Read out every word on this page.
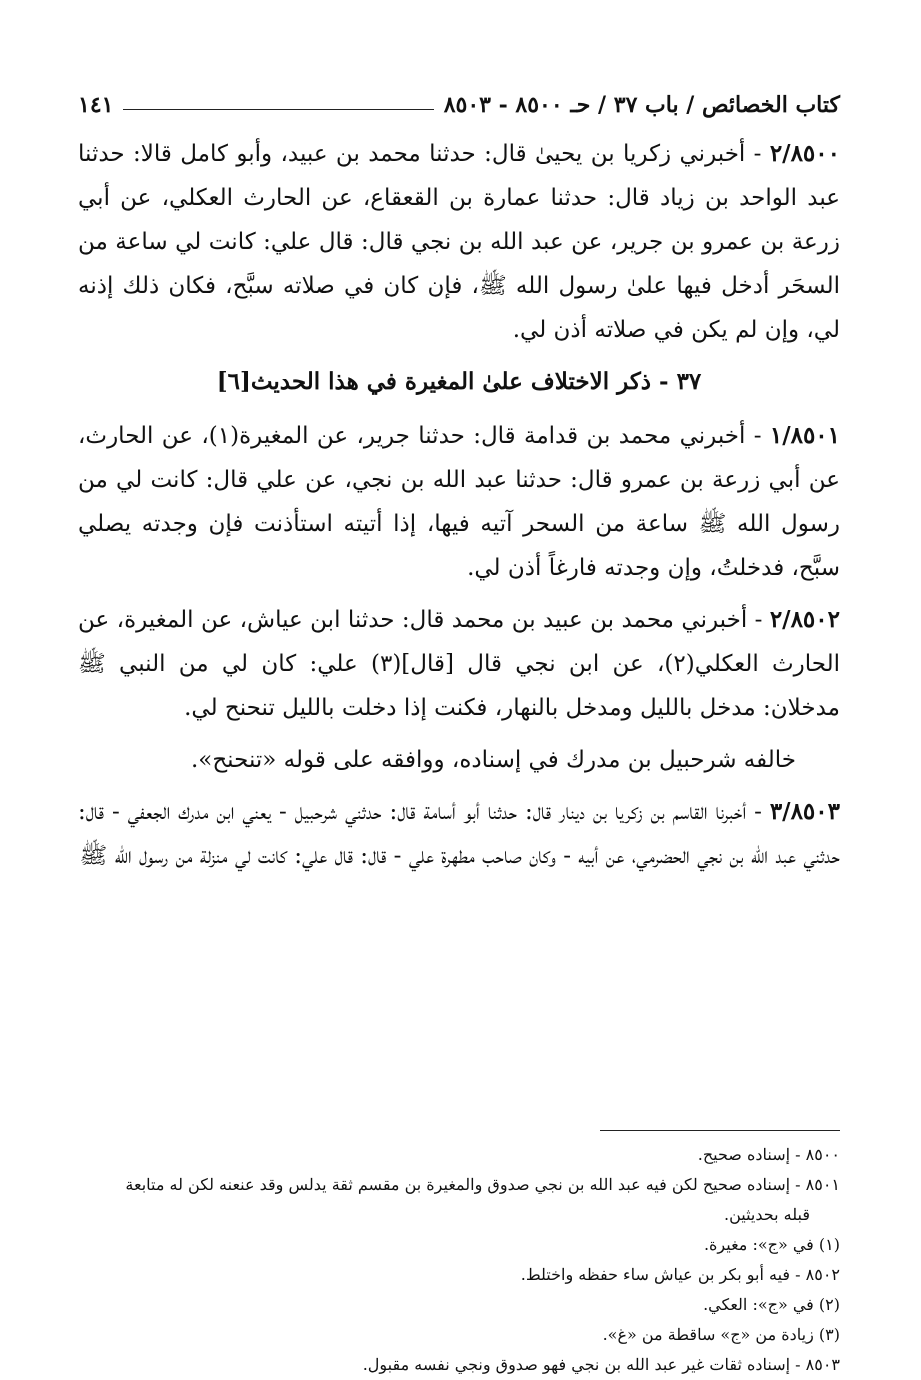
كتاب الخصائص / باب ٣٧ / حـ ٨٥٠٠ - ٨٥٠٣
١٤١

٢/٨٥٠٠ - أخبرني زكريا بن يحيىٰ قال: حدثنا محمد بن عبيد، وأبو كامل قالا: حدثنا عبد الواحد بن زياد قال: حدثنا عمارة بن القعقاع، عن الحارث العكلي، عن أبي زرعة بن عمرو بن جرير، عن عبد الله بن نجي قال: قال علي: كانت لي ساعة من السحَر أدخل فيها علىٰ رسول الله ﷺ، فإن كان في صلاته سبَّح، فكان ذلك إذنه لي، وإن لم يكن في صلاته أذن لي.

٣٧ - ذكر الاختلاف علىٰ المغيرة في هذا الحديث[٦]

١/٨٥٠١ - أخبرني محمد بن قدامة قال: حدثنا جرير، عن المغيرة(١)، عن الحارث، عن أبي زرعة بن عمرو قال: حدثنا عبد الله بن نجي، عن علي قال: كانت لي من رسول الله ﷺ ساعة من السحر آتيه فيها، إذا أتيته استأذنت فإن وجدته يصلي سبَّح، فدخلتُ، وإن وجدته فارغاً أذن لي.

٢/٨٥٠٢ - أخبرني محمد بن عبيد بن محمد قال: حدثنا ابن عياش، عن المغيرة، عن الحارث العكلي(٢)، عن ابن نجي قال [قال](٣) علي: كان لي من النبي ﷺ مدخلان: مدخل بالليل ومدخل بالنهار، فكنت إذا دخلت بالليل تنحنح لي.

خالفه شرحبيل بن مدرك في إسناده، ووافقه على قوله «تنحنح».

٣/٨٥٠٣ - أخبرنا القاسم بن زكريا بن دينار قال: حدثنا أبو أسامة قال: حدثني شرحبيل - يعني ابن مدرك الجعفي - قال: حدثني عبد الله بن نجي الحضرمي، عن أبيه - وكان صاحب مطهرة علي - قال: قال علي: كانت لي منزلة من رسول الله ﷺ

٨٥٠٠ - إسناده صحيح.

٨٥٠١ - إسناده صحيح لكن فيه عبد الله بن نجي صدوق والمغيرة بن مقسم ثقة يدلس وقد عنعنه لكن له متابعة

قبله بحديثين.

(١) في «ج»: مغيرة.

٨٥٠٢ - فيه أبو بكر بن عياش ساء حفظه واختلط.

(٢) في «ج»: العكي.

(٣) زيادة من «ج» ساقطة من «غ».

٨٥٠٣ - إسناده ثقات غير عبد الله بن نجي فهو صدوق ونجي نفسه مقبول.
